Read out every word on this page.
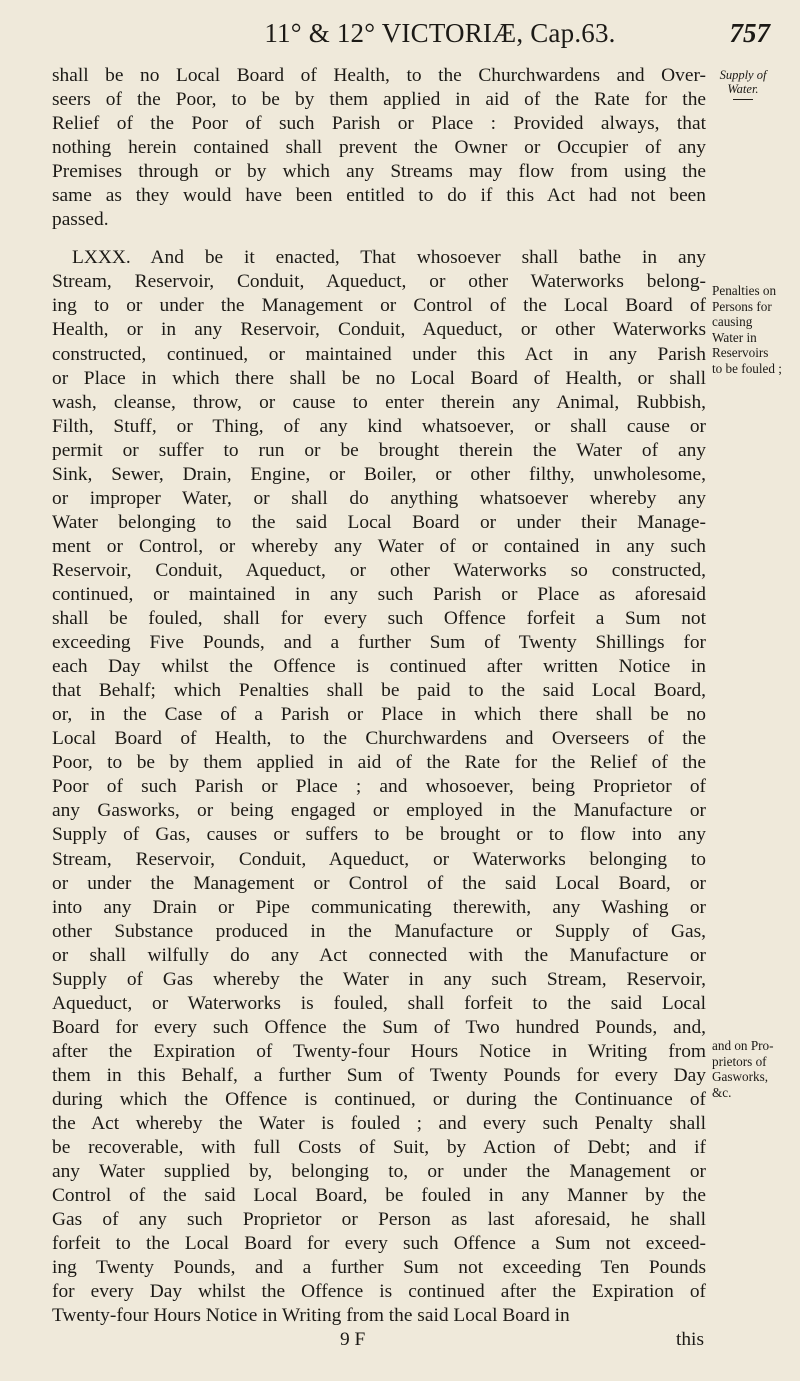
11° & 12° VICTORIÆ, Cap.63.	757
shall be no Local Board of Health, to the Churchwardens and Over-
seers of the Poor, to be by them applied in aid of the Rate for the
Relief of the Poor of such Parish or Place : Provided always, that
nothing herein contained shall prevent the Owner or Occupier of any
Premises through or by which any Streams may flow from using the
same as they would have been entitled to do if this Act had not been
passed.
LXXX. And be it enacted, That whosoever shall bathe in any
Stream, Reservoir, Conduit, Aqueduct, or other Waterworks belong-
ing to or under the Management or Control of the Local Board of
Health, or in any Reservoir, Conduit, Aqueduct, or other Waterworks
constructed, continued, or maintained under this Act in any Parish
or Place in which there shall be no Local Board of Health, or shall
wash, cleanse, throw, or cause to enter therein any Animal, Rubbish,
Filth, Stuff, or Thing, of any kind whatsoever, or shall cause or
permit or suffer to run or be brought therein the Water of any
Sink, Sewer, Drain, Engine, or Boiler, or other filthy, unwholesome,
or improper Water, or shall do anything whatsoever whereby any
Water belonging to the said Local Board or under their Manage-
ment or Control, or whereby any Water of or contained in any such
Reservoir, Conduit, Aqueduct, or other Waterworks so constructed,
continued, or maintained in any such Parish or Place as aforesaid
shall be fouled, shall for every such Offence forfeit a Sum not
exceeding Five Pounds, and a further Sum of Twenty Shillings for
each Day whilst the Offence is continued after written Notice in
that Behalf; which Penalties shall be paid to the said Local Board,
or, in the Case of a Parish or Place in which there shall be no
Local Board of Health, to the Churchwardens and Overseers of the
Poor, to be by them applied in aid of the Rate for the Relief of the
Poor of such Parish or Place ; and whosoever, being Proprietor of
any Gasworks, or being engaged or employed in the Manufacture or
Supply of Gas, causes or suffers to be brought or to flow into any
Stream, Reservoir, Conduit, Aqueduct, or Waterworks belonging to
or under the Management or Control of the said Local Board, or
into any Drain or Pipe communicating therewith, any Washing or
other Substance produced in the Manufacture or Supply of Gas,
or shall wilfully do any Act connected with the Manufacture or
Supply of Gas whereby the Water in any such Stream, Reservoir,
Aqueduct, or Waterworks is fouled, shall forfeit to the said Local
Board for every such Offence the Sum of Two hundred Pounds, and,
after the Expiration of Twenty-four Hours Notice in Writing from
them in this Behalf, a further Sum of Twenty Pounds for every Day
during which the Offence is continued, or during the Continuance of
the Act whereby the Water is fouled ; and every such Penalty shall
be recoverable, with full Costs of Suit, by Action of Debt; and if
any Water supplied by, belonging to, or under the Management or
Control of the said Local Board, be fouled in any Manner by the
Gas of any such Proprietor or Person as last aforesaid, he shall
forfeit to the Local Board for every such Offence a Sum not exceed-
ing Twenty Pounds, and a further Sum not exceeding Ten Pounds
for every Day whilst the Offence is continued after the Expiration of
Twenty-four Hours Notice in Writing from the said Local Board in
9 F	this
Supply of
Water.
Penalties on
Persons for
causing
Water in
Reservoirs
to be fouled ;
and on Pro-
prietors of
Gasworks,
&c.
